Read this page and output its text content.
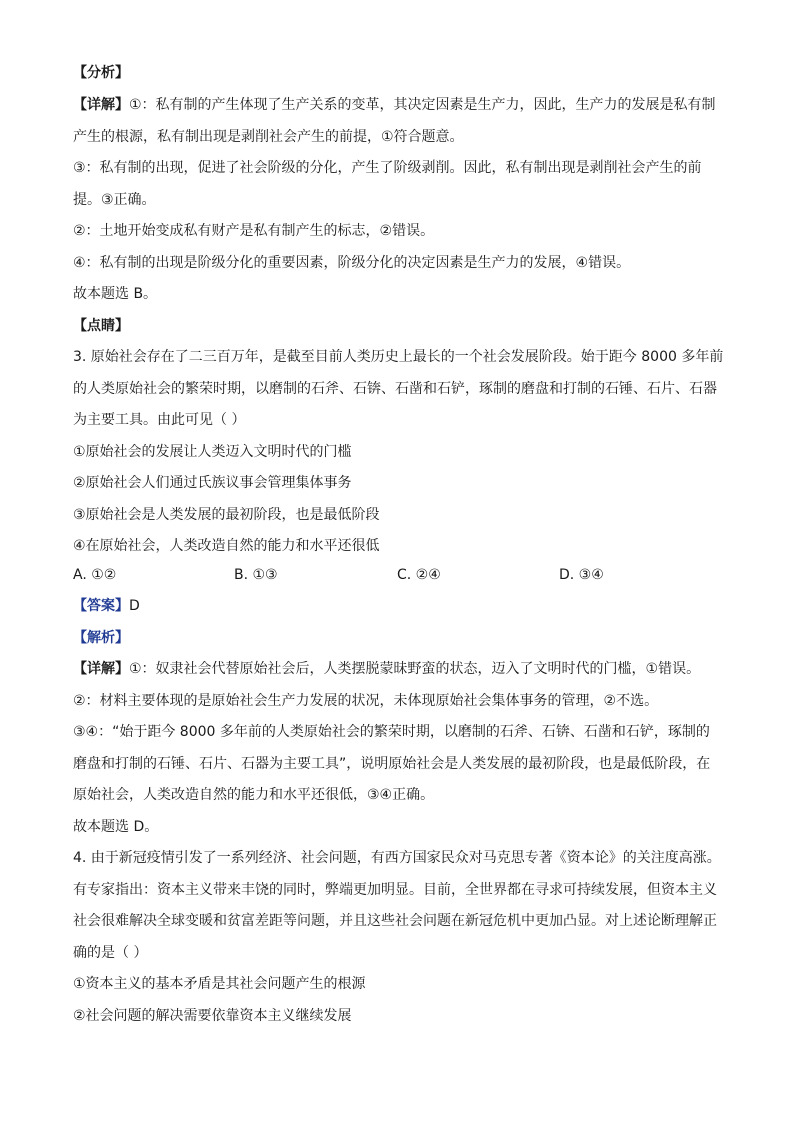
【分析】
【详解】①：私有制的产生体现了生产关系的变革，其决定因素是生产力，因此，生产力的发展是私有制
产生的根源，私有制出现是剥削社会产生的前提，①符合题意。
③：私有制的出现，促进了社会阶级的分化，产生了阶级剥削。因此，私有制出现是剥削社会产生的前
提。③正确。
②：土地开始变成私有财产是私有制产生的标志，②错误。
④：私有制的出现是阶级分化的重要因素，阶级分化的决定因素是生产力的发展，④错误。
故本题选 B。
【点睛】
3. 原始社会存在了二三百万年，是截至目前人类历史上最长的一个社会发展阶段。始于距今 8000 多年前
的人类原始社会的繁荣时期，以磨制的石斧、石锛、石凿和石铲，琢制的磨盘和打制的石锤、石片、石器
为主要工具。由此可见（ ）
①原始社会的发展让人类迈入文明时代的门槛
②原始社会人们通过氏族议事会管理集体事务
③原始社会是人类发展的最初阶段，也是最低阶段
④在原始社会，人类改造自然的能力和水平还很低
A. ①②	B. ①③	C. ②④	D. ③④
【答案】D
【解析】
【详解】①：奴隶社会代替原始社会后，人类摆脱蒙昧野蛮的状态，迈入了文明时代的门槛，①错误。
②：材料主要体现的是原始社会生产力发展的状况，未体现原始社会集体事务的管理，②不选。
③④：“始于距今 8000 多年前的人类原始社会的繁荣时期，以磨制的石斧、石锛、石凿和石铲，琢制的
磨盘和打制的石锤、石片、石器为主要工具”，说明原始社会是人类发展的最初阶段，也是最低阶段，在
原始社会，人类改造自然的能力和水平还很低，③④正确。
故本题选 D。
4. 由于新冠疫情引发了一系列经济、社会问题，有西方国家民众对马克思专著《资本论》的关注度高涨。
有专家指出：资本主义带来丰饶的同时，弊端更加明显。目前，全世界都在寻求可持续发展，但资本主义
社会很难解决全球变暖和贫富差距等问题，并且这些社会问题在新冠危机中更加凸显。对上述论断理解正
确的是（ ）
①资本主义的基本矛盾是其社会问题产生的根源
②社会问题的解决需要依靠资本主义继续发展
